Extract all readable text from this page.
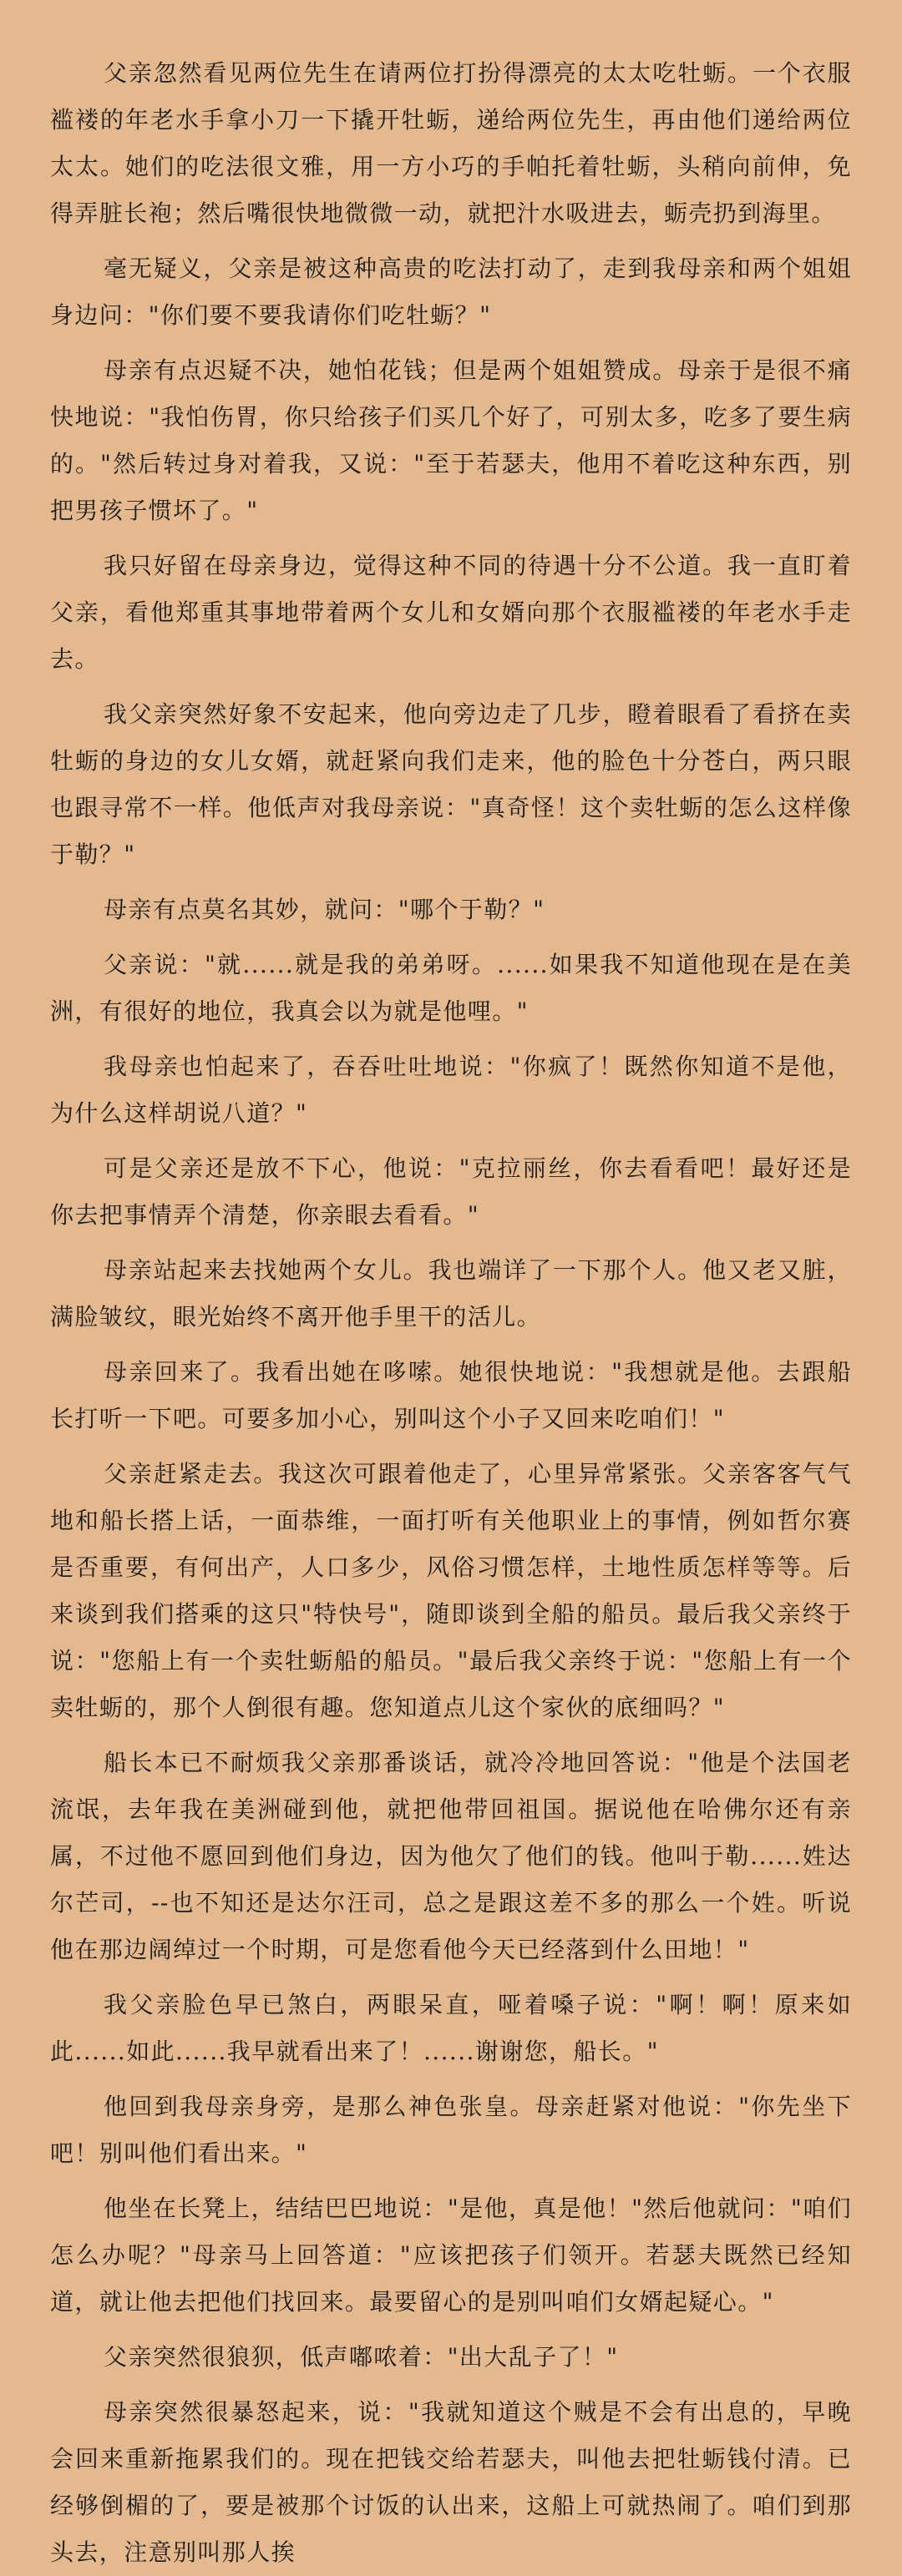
父亲忽然看见两位先生在请两位打扮得漂亮的太太吃牡蛎。一个衣服褴褛的年老水手拿小刀一下撬开牡蛎，递给两位先生，再由他们递给两位太太。她们的吃法很文雅，用一方小巧的手帕托着牡蛎，头稍向前伸，免得弄脏长袍；然后嘴很快地微微一动，就把汁水吸进去，蛎壳扔到海里。

毫无疑义，父亲是被这种高贵的吃法打动了，走到我母亲和两个姐姐身边问："你们要不要我请你们吃牡蛎？"

母亲有点迟疑不决，她怕花钱；但是两个姐姐赞成。母亲于是很不痛快地说："我怕伤胃，你只给孩子们买几个好了，可别太多，吃多了要生病的。"然后转过身对着我，又说："至于若瑟夫，他用不着吃这种东西，别把男孩子惯坏了。"

我只好留在母亲身边，觉得这种不同的待遇十分不公道。我一直盯着父亲，看他郑重其事地带着两个女儿和女婿向那个衣服褴褛的年老水手走去。

我父亲突然好象不安起来，他向旁边走了几步，瞪着眼看了看挤在卖牡蛎的身边的女儿女婿，就赶紧向我们走来，他的脸色十分苍白，两只眼也跟寻常不一样。他低声对我母亲说："真奇怪！这个卖牡蛎的怎么这样像于勒？"

母亲有点莫名其妙，就问："哪个于勒？"

父亲说："就......就是我的弟弟呀。......如果我不知道他现在是在美洲，有很好的地位，我真会以为就是他哩。"

我母亲也怕起来了，吞吞吐吐地说："你疯了！既然你知道不是他，为什么这样胡说八道？"

可是父亲还是放不下心，他说："克拉丽丝，你去看看吧！最好还是你去把事情弄个清楚，你亲眼去看看。"

母亲站起来去找她两个女儿。我也端详了一下那个人。他又老又脏，满脸皱纹，眼光始终不离开他手里干的活儿。

母亲回来了。我看出她在哆嗦。她很快地说："我想就是他。去跟船长打听一下吧。可要多加小心，别叫这个小子又回来吃咱们！"

父亲赶紧走去。我这次可跟着他走了，心里异常紧张。父亲客客气气地和船长搭上话，一面恭维，一面打听有关他职业上的事情，例如哲尔赛是否重要，有何出产，人口多少，风俗习惯怎样，土地性质怎样等等。后来谈到我们搭乘的这只"特快号"，随即谈到全船的船员。最后我父亲终于说："您船上有一个卖牡蛎船的船员。"最后我父亲终于说："您船上有一个卖牡蛎的，那个人倒很有趣。您知道点儿这个家伙的底细吗？"

船长本已不耐烦我父亲那番谈话，就冷冷地回答说："他是个法国老流氓，去年我在美洲碰到他，就把他带回祖国。据说他在哈佛尔还有亲属，不过他不愿回到他们身边，因为他欠了他们的钱。他叫于勒......姓达尔芒司，--也不知还是达尔汪司，总之是跟这差不多的那么一个姓。听说他在那边阔绰过一个时期，可是您看他今天已经落到什么田地！"

我父亲脸色早已煞白，两眼呆直，哑着嗓子说："啊！啊！原来如此......如此......我早就看出来了！......谢谢您，船长。"

他回到我母亲身旁，是那么神色张皇。母亲赶紧对他说："你先坐下吧！别叫他们看出来。"

他坐在长凳上，结结巴巴地说："是他，真是他！"然后他就问："咱们怎么办呢？"母亲马上回答道："应该把孩子们领开。若瑟夫既然已经知道，就让他去把他们找回来。最要留心的是别叫咱们女婿起疑心。"

父亲突然很狼狈，低声嘟哝着："出大乱子了！"

母亲突然很暴怒起来，说："我就知道这个贼是不会有出息的，早晚会回来重新拖累我们的。现在把钱交给若瑟夫，叫他去把牡蛎钱付清。已经够倒楣的了，要是被那个讨饭的认出来，这船上可就热闹了。咱们到那头去，注意别叫那人挨
